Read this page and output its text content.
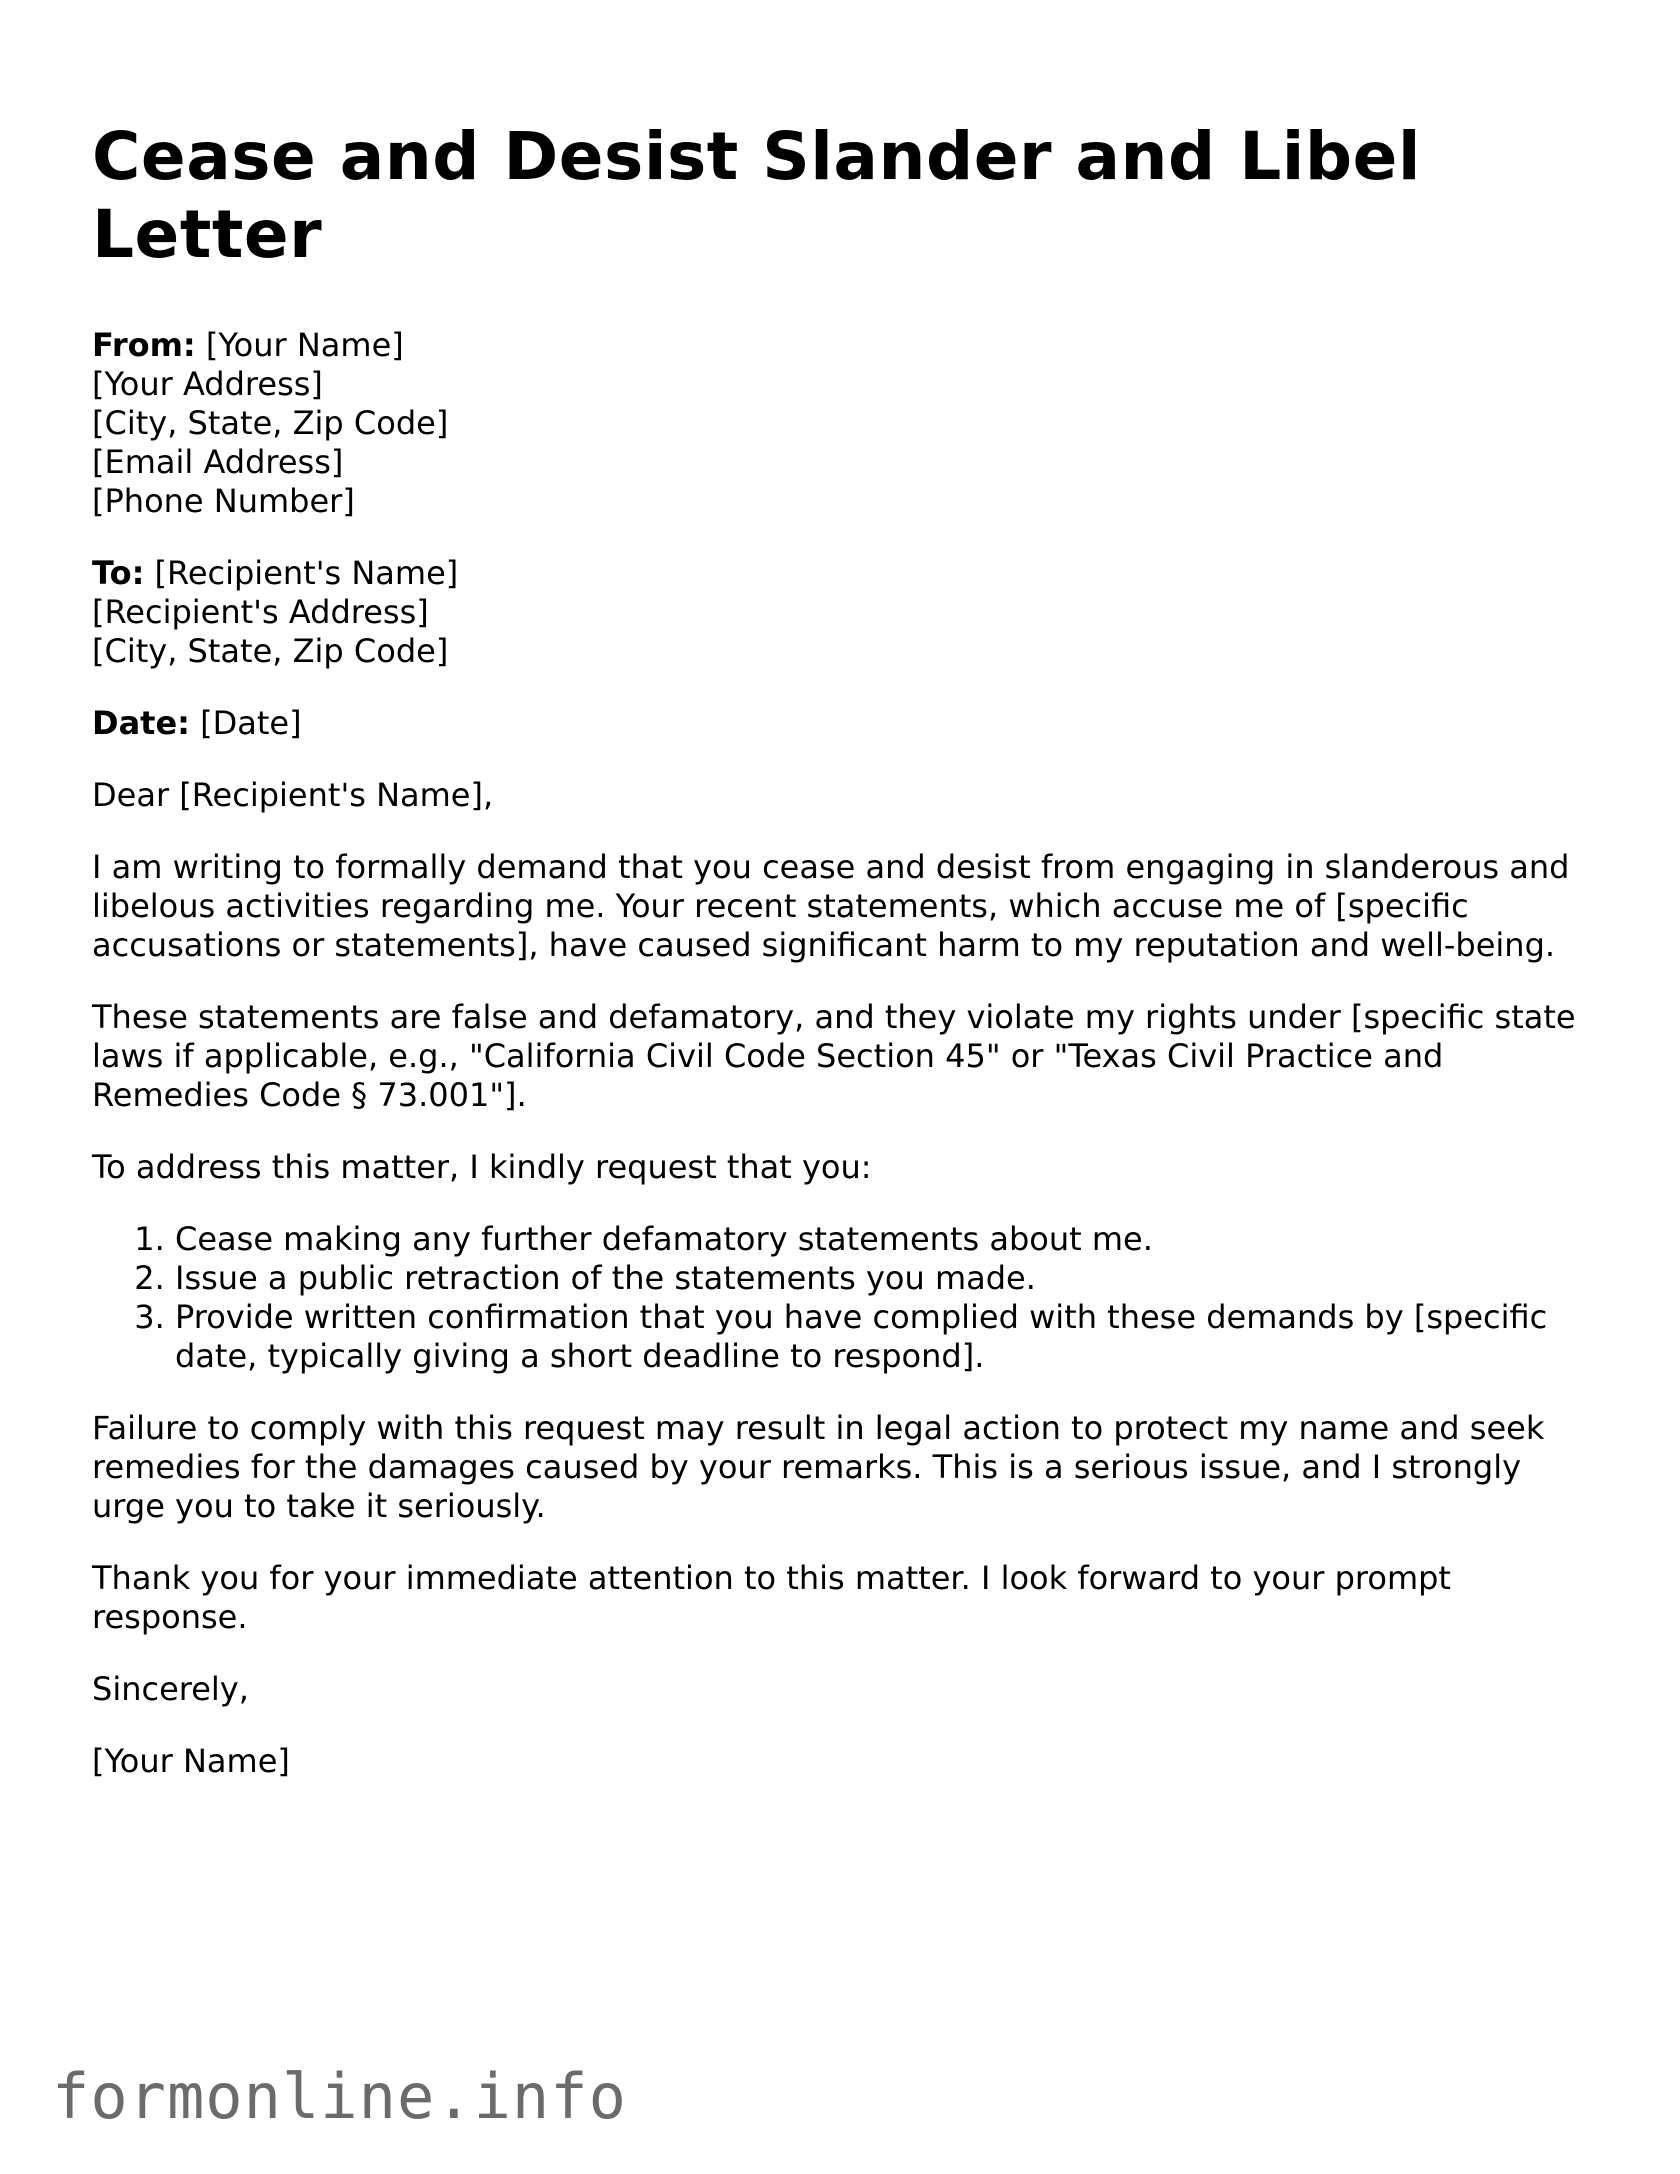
Cease and Desist Slander and Libel Letter
From: [Your Name]
[Your Address]
[City, State, Zip Code]
[Email Address]
[Phone Number]
To: [Recipient's Name]
[Recipient's Address]
[City, State, Zip Code]
Date: [Date]

Dear [Recipient's Name],

I am writing to formally demand that you cease and desist from engaging in slanderous and libelous activities regarding me. Your recent statements, which accuse me of [specific accusations or statements], have caused significant harm to my reputation and well-being.

These statements are false and defamatory, and they violate my rights under [specific state laws if applicable, e.g., "California Civil Code Section 45" or "Texas Civil Practice and Remedies Code § 73.001"].

To address this matter, I kindly request that you:

1. Cease making any further defamatory statements about me.
2. Issue a public retraction of the statements you made.
3. Provide written confirmation that you have complied with these demands by [specific date, typically giving a short deadline to respond].

Failure to comply with this request may result in legal action to protect my name and seek remedies for the damages caused by your remarks. This is a serious issue, and I strongly urge you to take it seriously.

Thank you for your immediate attention to this matter. I look forward to your prompt response.

Sincerely,

[Your Name]

formonline.info
